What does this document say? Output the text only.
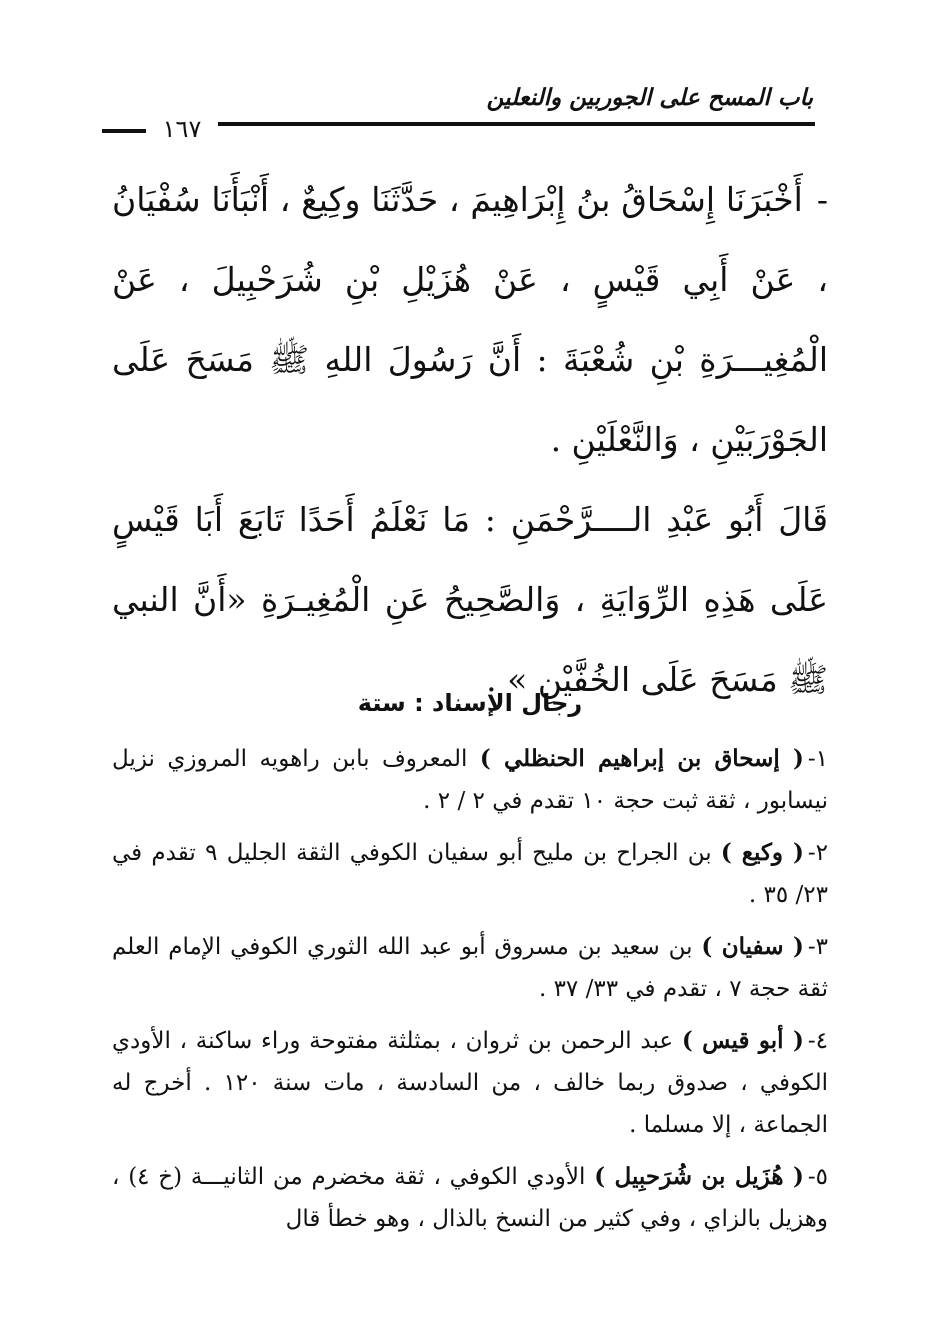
باب المسح على الجوربين والنعلين
١٦٧

-أَخْبَرَنَا إِسْحَاقُ بنُ إِبْرَاهِيمَ ، حَدَّثَنَا وكِيعٌ ، أَنْبَأَنَا سُفْيَانُ ، عَنْ أَبِي قَيْسٍ ، عَنْ هُزَيْلِ بْنِ شُرَحْبِيلَ ، عَنْ الْمُغِيـــرَةِ بْنِ شُعْبَةَ : أَنَّ رَسُولَ اللهِ ﷺ مَسَحَ عَلَى الجَوْرَبَيْنِ ، وَالنَّعْلَيْنِ .

قَالَ أَبُو عَبْدِ الــــرَّحْمَنِ : مَا نَعْلَمُ أَحَدًا تَابَعَ أَبَا قَيْسٍ عَلَى هَذِهِ الرِّوَايَةِ ، وَالصَّحِيحُ عَنِ الْمُغِيـرَةِ «أَنَّ النبي ﷺ مَسَحَ عَلَى الخُفَّيْنِ » .

رجال الإسناد : ستة
١-( إسحاق بن إبراهيم الحنظلي ) المعروف بابن راهويه المروزي نزيل نيسابور ، ثقة ثبت حجة ١٠ تقدم في ٢ / ٢ .
٢-( وكيع ) بن الجراح بن مليح أبو سفيان الكوفي الثقة الجليل ٩ تقدم في ٢٣/ ٣٥ .
٣-( سفيان ) بن سعيد بن مسروق أبو عبد الله الثوري الكوفي الإمام العلم ثقة حجة ٧ ، تقدم في ٣٣/ ٣٧ .
٤-( أبو قيس ) عبد الرحمن بن ثروان ، بمثلثة مفتوحة وراء ساكنة ، الأودي الكوفي ، صدوق ربما خالف ، من السادسة ، مات سنة ١٢٠ . أخرج له الجماعة ، إلا مسلما .
٥-( هُزَيل بن شُرَحبِيل ) الأودي الكوفي ، ثقة مخضرم من الثانيـــة (خ ٤) ، وهزيل بالزاي ، وفي كثير من النسخ بالذال ، وهو خطأ قال
